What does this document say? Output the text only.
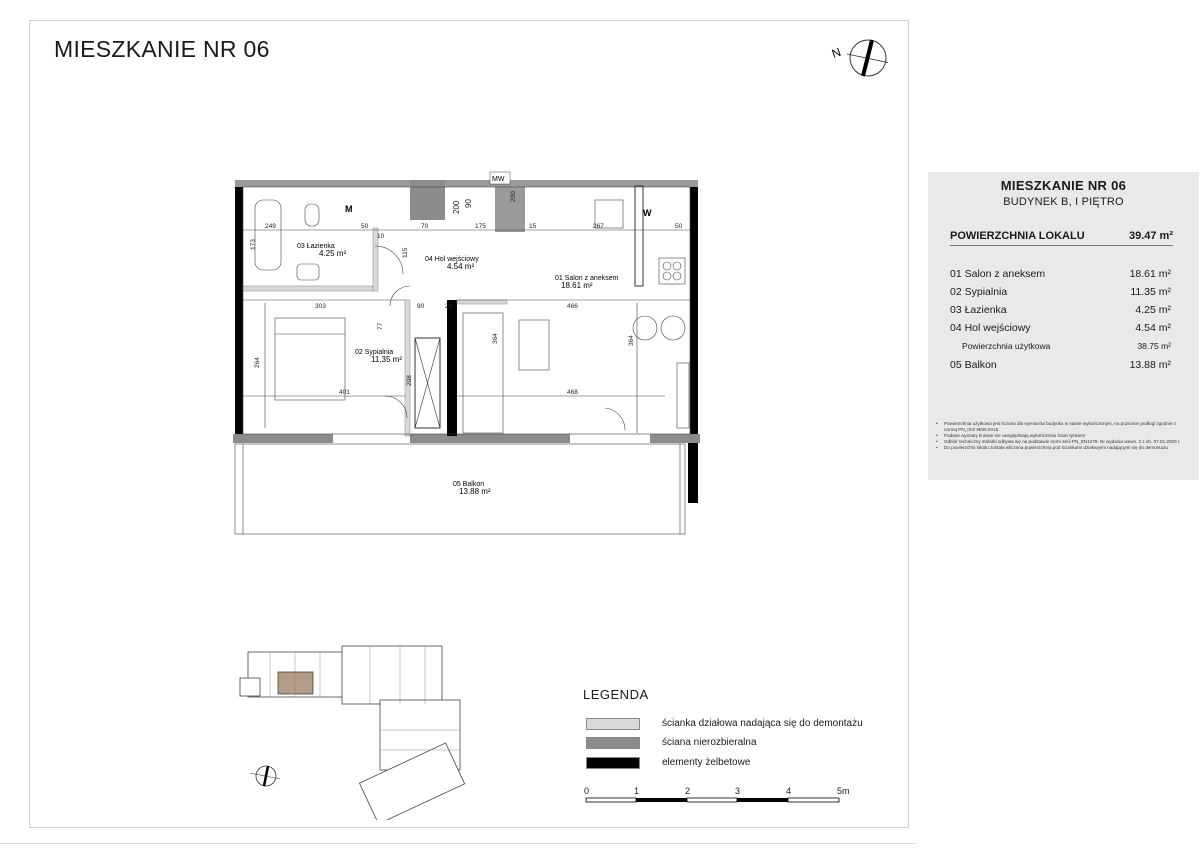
MIESZKANIE NR 06	N
MW
M	W
03 Łazienka
4.25 m²
04 Hol wejściowy
4.54 m²
01 Salon z aneksem
18.61 m²
02 Sypialnia
11.35 m²
05 Balkon
13.88 m²
249	50	70	175	267	50
173
10
303	90	20	466
264
77
208
401	468
364	364
115
200 90
15
200
LEGENDA
ścianka działowa nadająca się do demontażu
ściana nierozbieralna
elementy żelbetowe
0	1	2	3	4	5m
MIESZKANIE NR 06
BUDYNEK B, I PIĘTRO
POWIERZCHNIA LOKALU	39.47 m²
01 Salon z aneksem	18.61 m²
02 Sypialnia	11.35 m²
03 Łazienka	4.25 m²
04 Hol wejściowy	4.54 m²
Powierzchnia użytkowa	38.75 m²
05 Balkon	13.88 m²
• Powierzchnia użytkowa jest liczona dla wymiarów budynku w stanie wykończonym, na poziomie podłogi zgodnie z normą PN_ISO 9836:2015.
• Podane wymiary liniowe nie uwzględniają wykończenia ścian tynkiem
• Odbiór techniczny stolarki odbywa się na podstawie norm serii PN_EN1279. Nr wydania wewn. 2 z dn. 07.01.2020 r.
• Do powierzchni lokalu została wliczona powierzchnia pod ściankami działowymi nadającymi się do demontażu
